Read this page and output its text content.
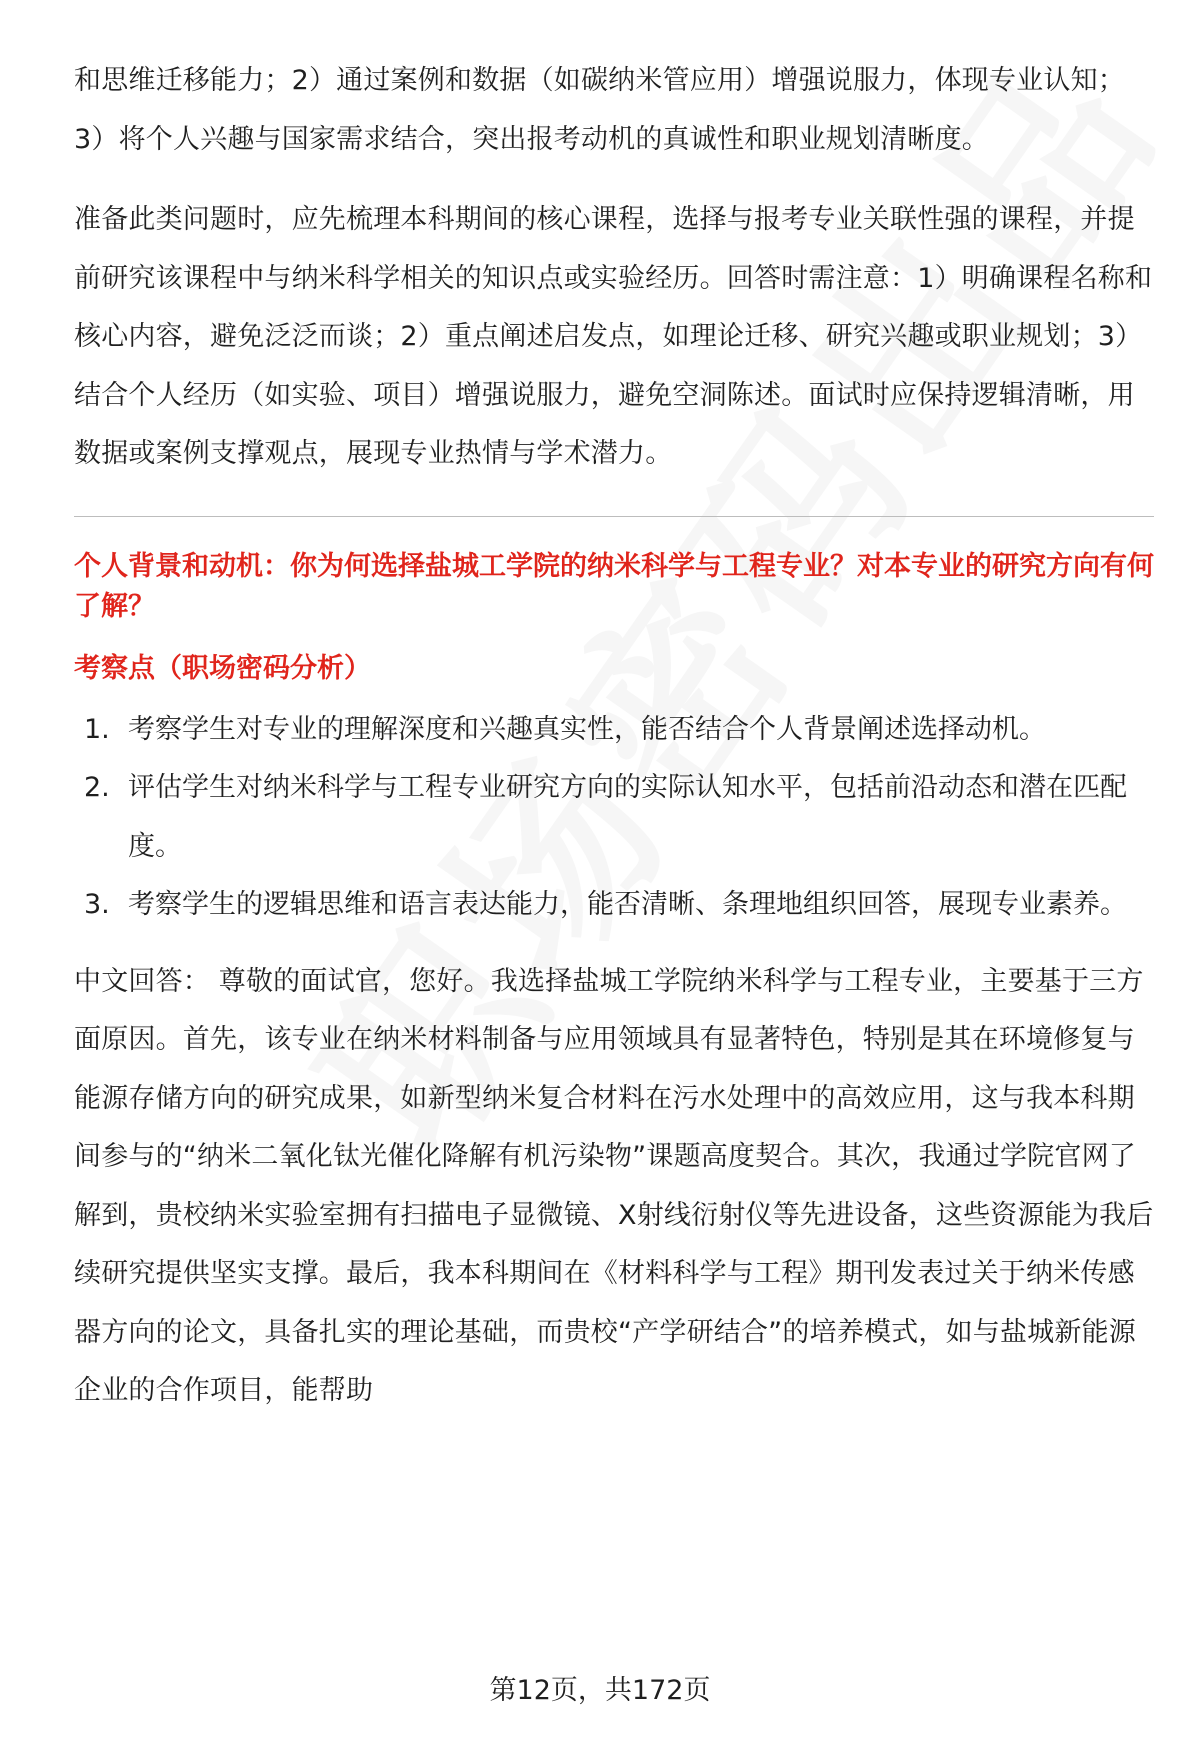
和思维迁移能力；2）通过案例和数据（如碳纳米管应用）增强说服力，体现专业认知；3）将个人兴趣与国家需求结合，突出报考动机的真诚性和职业规划清晰度。

准备此类问题时，应先梳理本科期间的核心课程，选择与报考专业关联性强的课程，并提前研究该课程中与纳米科学相关的知识点或实验经历。回答时需注意：1）明确课程名称和核心内容，避免泛泛而谈；2）重点阐述启发点，如理论迁移、研究兴趣或职业规划；3）结合个人经历（如实验、项目）增强说服力，避免空洞陈述。面试时应保持逻辑清晰，用数据或案例支撑观点，展现专业热情与学术潜力。

个人背景和动机：你为何选择盐城工学院的纳米科学与工程专业？对本专业的研究方向有何了解？

考察点（职场密码分析）

1. 考察学生对专业的理解深度和兴趣真实性，能否结合个人背景阐述选择动机。
2. 评估学生对纳米科学与工程专业研究方向的实际认知水平，包括前沿动态和潜在匹配度。
3. 考察学生的逻辑思维和语言表达能力，能否清晰、条理地组织回答，展现专业素养。

中文回答： 尊敬的面试官，您好。我选择盐城工学院纳米科学与工程专业，主要基于三方面原因。首先，该专业在纳米材料制备与应用领域具有显著特色，特别是其在环境修复与能源存储方向的研究成果，如新型纳米复合材料在污水处理中的高效应用，这与我本科期间参与的“纳米二氧化钛光催化降解有机污染物”课题高度契合。其次，我通过学院官网了解到，贵校纳米实验室拥有扫描电子显微镜、X射线衍射仪等先进设备，这些资源能为我后续研究提供坚实支撑。最后，我本科期间在《材料科学与工程》期刊发表过关于纳米传感器方向的论文，具备扎实的理论基础，而贵校“产学研结合”的培养模式，如与盐城新能源企业的合作项目，能帮助

第12页，共172页
